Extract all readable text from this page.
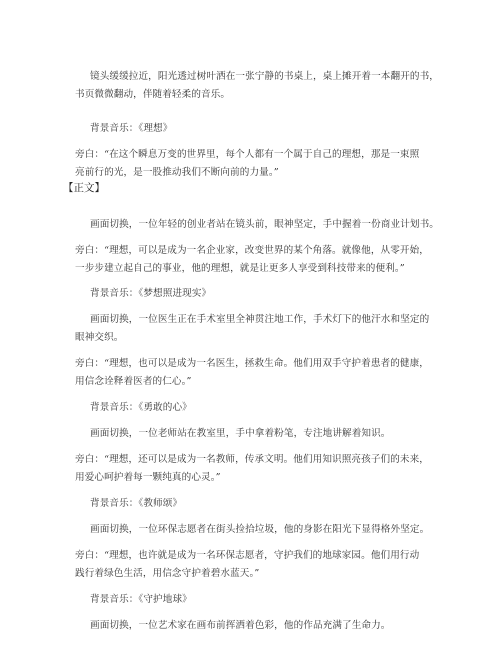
镜头缓缓拉近，阳光透过树叶洒在一张宁静的书桌上，桌上摊开着一本翻开的书，
书页微微翻动，伴随着轻柔的音乐。
背景音乐：《理想》
旁白：“在这个瞬息万变的世界里，每个人都有一个属于自己的理想，那是一束照
亮前行的光，是一股推动我们不断向前的力量。”
【正文】
画面切换，一位年轻的创业者站在镜头前，眼神坚定，手中握着一份商业计划书。
旁白：“理想，可以是成为一名企业家，改变世界的某个角落。就像他，从零开始，
一步步建立起自己的事业，他的理想，就是让更多人享受到科技带来的便利。”
背景音乐：《梦想照进现实》
画面切换，一位医生正在手术室里全神贯注地工作，手术灯下的他汗水和坚定的
眼神交织。
旁白：“理想，也可以是成为一名医生，拯救生命。他们用双手守护着患者的健康，
用信念诠释着医者的仁心。”
背景音乐：《勇敢的心》
画面切换，一位老师站在教室里，手中拿着粉笔，专注地讲解着知识。
旁白：“理想，还可以是成为一名教师，传承文明。他们用知识照亮孩子们的未来，
用爱心呵护着每一颗纯真的心灵。”
背景音乐：《教师颂》
画面切换，一位环保志愿者在街头捡拾垃圾，他的身影在阳光下显得格外坚定。
旁白：“理想，也许就是成为一名环保志愿者，守护我们的地球家园。他们用行动
践行着绿色生活，用信念守护着碧水蓝天。”
背景音乐：《守护地球》
画面切换，一位艺术家在画布前挥洒着色彩，他的作品充满了生命力。
